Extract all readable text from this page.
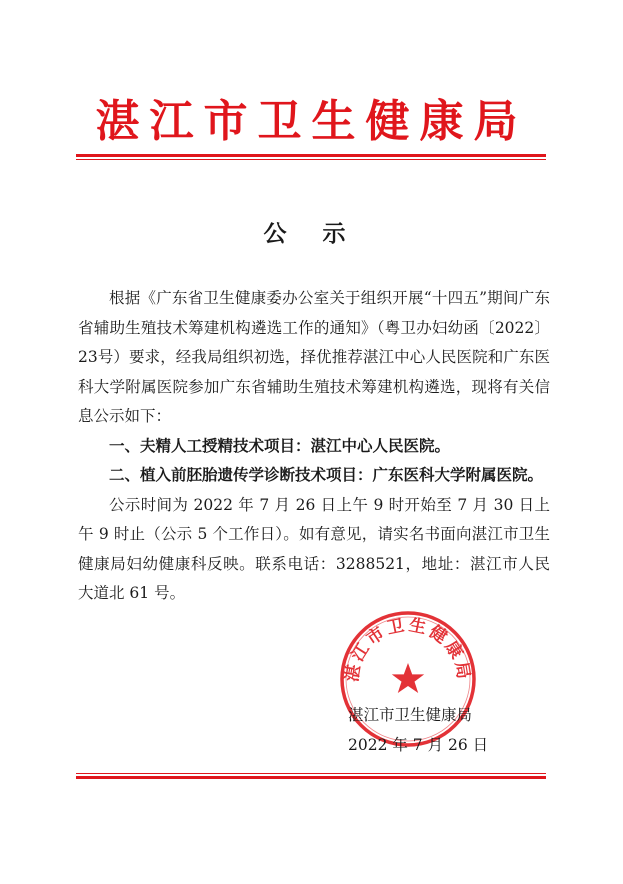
湛江市卫生健康局
公 示

根据《广东省卫生健康委办公室关于组织开展“十四五”期间广东省辅助生殖技术筹建机构遴选工作的通知》（粤卫办妇幼函〔2022〕23号）要求，经我局组织初选，择优推荐湛江中心人民医院和广东医科大学附属医院参加广东省辅助生殖技术筹建机构遴选，现将有关信息公示如下：

一、夫精人工授精技术项目：湛江中心人民医院。

二、植入前胚胎遗传学诊断技术项目：广东医科大学附属医院。

公示时间为 2022 年 7 月 26 日上午 9 时开始至 7 月 30 日上午 9 时止（公示 5 个工作日）。如有意见，请实名书面向湛江市卫生健康局妇幼健康科反映。联系电话：3288521，地址：湛江市人民大道北 61 号。

湛江市卫生健康局
湛江市卫生健康局
2022 年 7 月 26 日
